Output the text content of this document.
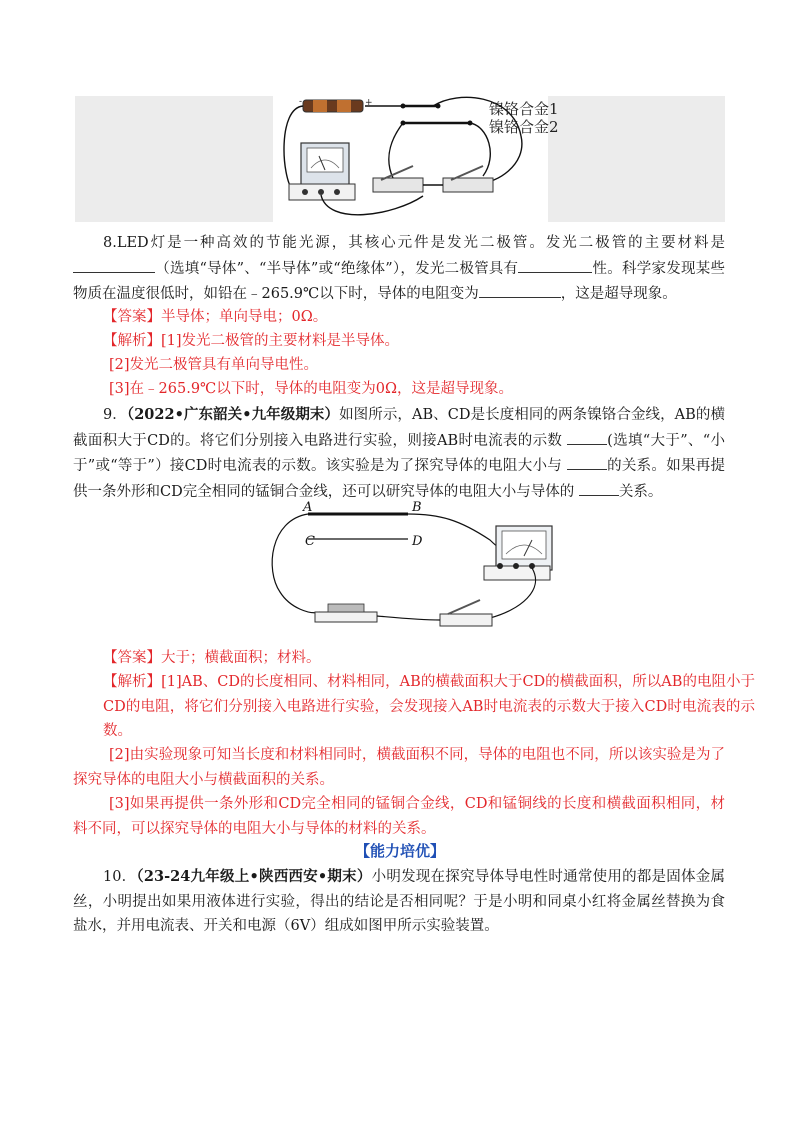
-	+	镍铬合金1
镍铬合金2
8.LED灯是一种高效的节能光源，其核心元件是发光二极管。发光二极管的主要材料是（选填“导体”、“半导体”或“绝缘体”），发光二极管具有	性。科学家发现某些物质在温度很低时，如铅在﹣265.9℃以下时，导体的电阻变为	，这是超导现象。
【答案】半导体；单向导电；0Ω。
【解析】[1]发光二极管的主要材料是半导体。
[2]发光二极管具有单向导电性。
[3]在﹣265.9℃以下时，导体的电阻变为0Ω，这是超导现象。
9．（2022•广东韶关•九年级期末）如图所示，AB、CD是长度相同的两条镍铬合金线，AB的横截面积大于CD的。将它们分别接入电路进行实验，则接AB时电流表的示数	(选填“大于”、“小于”或“等于”）接CD时电流表的示数。该实验是为了探究导体的电阻大小与	的关系。如果再提供一条外形和CD完全相同的锰铜合金线，还可以研究导体的电阻大小与导体的	关系。
A	B
C	D
【答案】大于；横截面积；材料。
【解析】[1]AB、CD的长度相同、材料相同，AB的横截面积大于CD的横截面积，所以AB的电阻小于CD的电阻，将它们分别接入电路进行实验，会发现接入AB时电流表的示数大于接入CD时电流表的示数。
[2]由实验现象可知当长度和材料相同时，横截面积不同，导体的电阻也不同，所以该实验是为了探究导体的电阻大小与横截面积的关系。
[3]如果再提供一条外形和CD完全相同的锰铜合金线，CD和锰铜线的长度和横截面积相同，材料不同，可以探究导体的电阻大小与导体的材料的关系。
【能力培优】
10．（23-24九年级上•陕西西安•期末）小明发现在探究导体导电性时通常使用的都是固体金属丝，小明提出如果用液体进行实验，得出的结论是否相同呢？于是小明和同桌小红将金属丝替换为食盐水，并用电流表、开关和电源（6V）组成如图甲所示实验装置。
